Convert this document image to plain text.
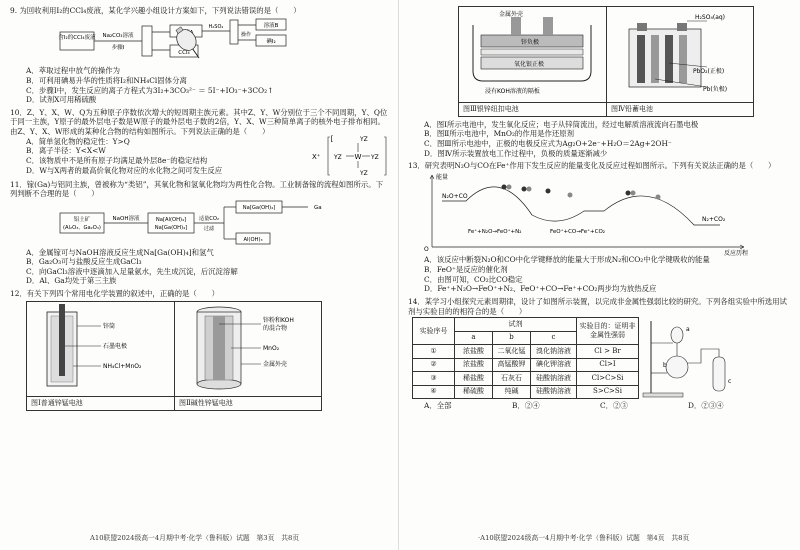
9. 为回收利用I₂的CCl₄废液，某化学兴趣小组设计方案如下，下列说法错误的是（　　）
含I₂的CCl₄废液 Na₂CO₃溶液
步骤Ⅰ
CCl₄
H₂SO₄	溶液B
碘I₂
操作
A．萃取过程中放气的操作为
B．可利用碘易升华的性质将I₂和NH₄Cl固体分离
C．步骤Ⅰ中，发生反应的离子方程式为3I₂+3CO₃²⁻ ＝ 5I⁻+IO₃⁻+3CO₂↑
D．试剂X可用稀硫酸
10．Z、Y、X、W、Q为五种原子序数依次增大的短周期主族元素。其中Z、Y、W分别位于三个不同周期，Y、Q位于同一主族，Y原子的最外层电子数是W原子的最外层电子数的2倍，Y、X、W三种简单离子的核外电子排布相同。由Z、Y、X、W形成的某种化合物的结构如图所示。下列说法正确的是（　　）
A．简单氢化物的稳定性：Y>Q
B．离子半径：Y<X<W
C．该物质中不是所有原子均满足最外层8e⁻的稳定结构
D．W与X两者的最高价氧化物对应的水化物之间可发生反应
X⁺
[
W
YZ
YZ	YZ
YZ
11．镓(Ga)与铝同主族，曾被称为“类铝”，其氧化物和氢氧化物均为两性化合物。工业制备镓的流程如图所示。下列判断不合理的是（　　）
铝土矿
(Al₂O₃、Ga₂O₃)
NaOH溶液	Na[Al(OH)₄]
Na[Ga(OH)₄]
适量CO₂
过滤
Na[Ga(OH)₄]
Al(OH)₃
Ga
A．金属镓可与NaOH溶液反应生成Na[Ga(OH)₄]和氢气
B．Ga₂O₃可与盐酸反应生成GaCl₃
C．向GaCl₃溶液中逐滴加入足量氨水，先生成沉淀，后沉淀溶解
D．Al、Ga均处于第三主族
12．有关下列四个常用电化学装置的叙述中，正确的是（　　）
锌筒
石墨电极
NH₄Cl+MnO₂
图Ⅰ普通锌锰电池
锌粉和KOH
的混合物
MnO₂
金属外壳
图Ⅱ碱性锌锰电池
A10联盟2024级高一4月期中考·化学（鲁科版）试题　第3页　共8页
金属外壳
锌负极
氧化银正极
浸有KOH溶液的隔板
图Ⅲ银锌纽扣电池
H₂SO₄(aq)
PbO₂(正极)
Pb(负极)
图Ⅳ铅蓄电池
A．图Ⅰ所示电池中，发生氧化反应；电子从锌筒流出，经过电解质溶液流向石墨电极
B．图Ⅱ所示电池中，MnO₂的作用是作还原剂
C．图Ⅲ所示电池中，正极的电极反应式为Ag₂O+2e⁻+H₂O＝2Ag+2OH⁻
D．图Ⅳ所示装置放电工作过程中，负极的质量逐渐减少
13．研究表明N₂O与CO在Fe⁺作用下发生反应的能量变化及反应过程如图所示。下列有关说法正确的是（　　）
能量
反应历程
O
N₂O+CO
Fe⁺+N₂O→FeO⁺+N₂	FeO⁺+CO→Fe⁺+CO₂
N₂+CO₂
A．该反应中断裂N₂O和CO中化学键释放的能量大于形成N₂和CO₂中化学键吸收的能量
B．FeO⁺是反应的催化剂
C．由图可知，CO₂比CO稳定
D．Fe⁺+N₂O→FeO⁺+N₂、FeO⁺+CO→Fe⁺+CO₂两步均为放热反应
14．某学习小组探究元素周期律，设计了如图所示装置，以完成非金属性强弱比较的研究。下列各组实验中所选用试剂与实验目的的相符合的是（　　）
实验序号	试剂			实验目的：证明非金属性强弱
	a	b	c	
①	浓盐酸	二氧化锰	溴化钠溶液	Cl > Br
②	浓盐酸	高锰酸钾	碘化钾溶液	Cl>I
③	稀盐酸	石灰石	硅酸钠溶液	Cl>C>Si
④	稀硫酸	纯碱	硅酸钠溶液	S>C>Si
a
b
c
A．全部	B．②④	C．②③	D．②③④
·A10联盟2024级高一4月期中考·化学（鲁科版）试题　第4页　共8页
